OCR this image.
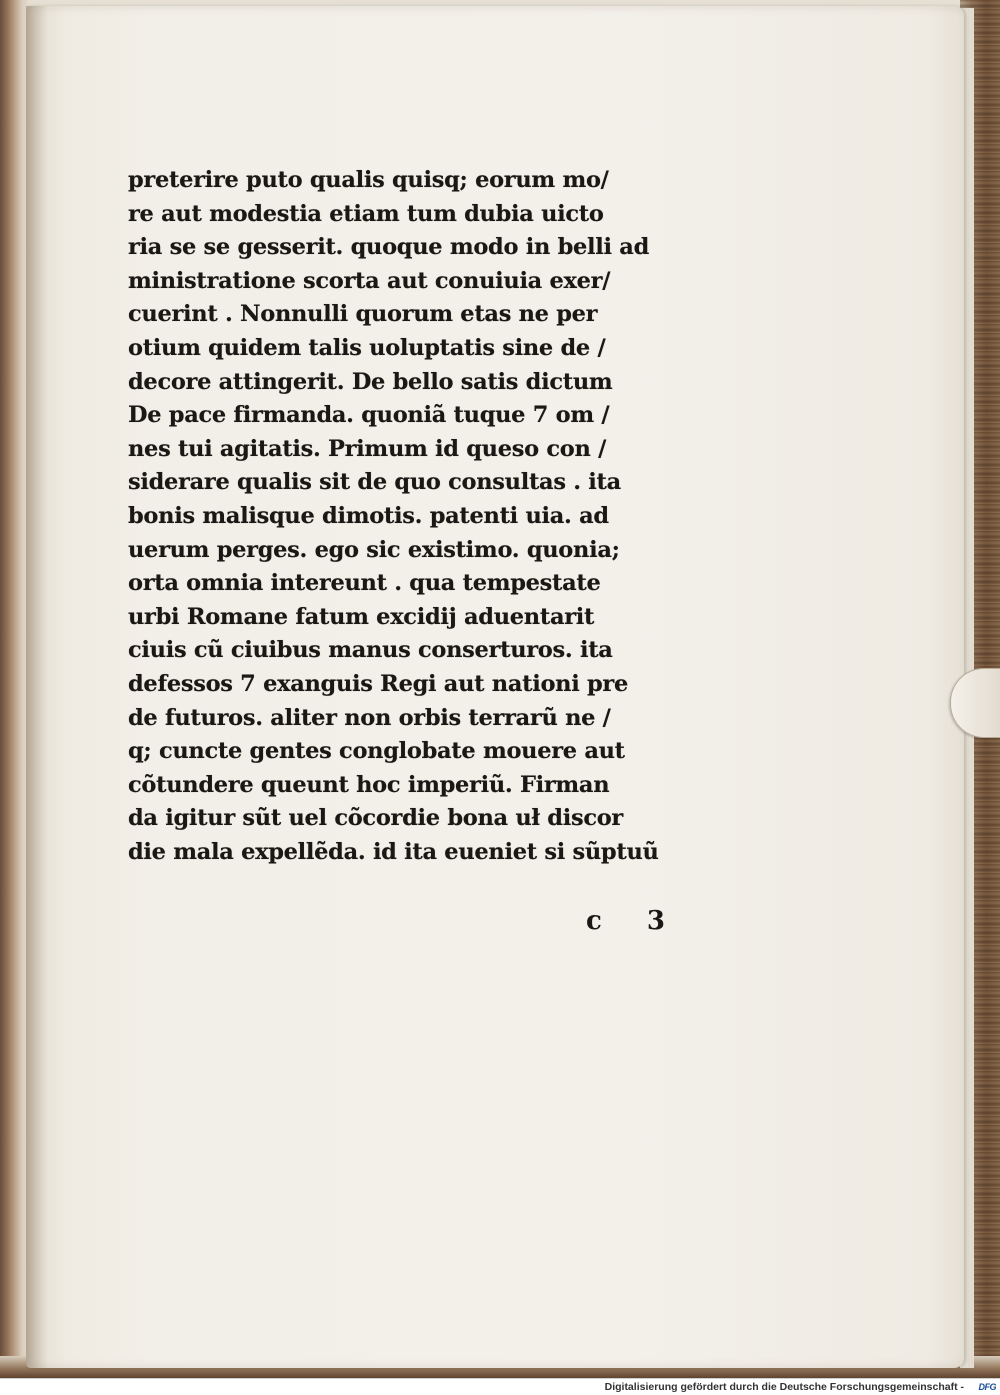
preterire puto qualis quisq; eorum mo/
re aut modestia etiam tum dubia uicto
ria se se gesserit. quoque modo in belli ad
ministratione scorta aut conuiuia exer/
cuerint . Nonnulli quorum etas ne per
otium quidem talis uoluptatis sine de /
decore attingerit. De bello satis dictum
De pace firmanda. quoniã tuque 7 om /
nes tui agitatis. Primum id queso con /
siderare qualis sit de quo consultas . ita
bonis malisque dimotis. patenti uia. ad
uerum perges. ego sic existimo. quonia;
orta omnia intereunt . qua tempestate
urbi Romane fatum excidij aduentarit
ciuis cũ ciuibus manus conserturos. ita
defessos 7 exanguis Regi aut nationi pre
de futuros. aliter non orbis terrarũ ne /
q; cuncte gentes conglobate mouere aut
cõtundere queunt hoc imperiũ. Firman
da igitur sũt uel cõcordie bona uł discor
die mala expellẽda. id ita eueniet si sũptuũ
c 3
Digitalisierung gefördert durch die Deutsche Forschungsgemeinschaft - DFG
